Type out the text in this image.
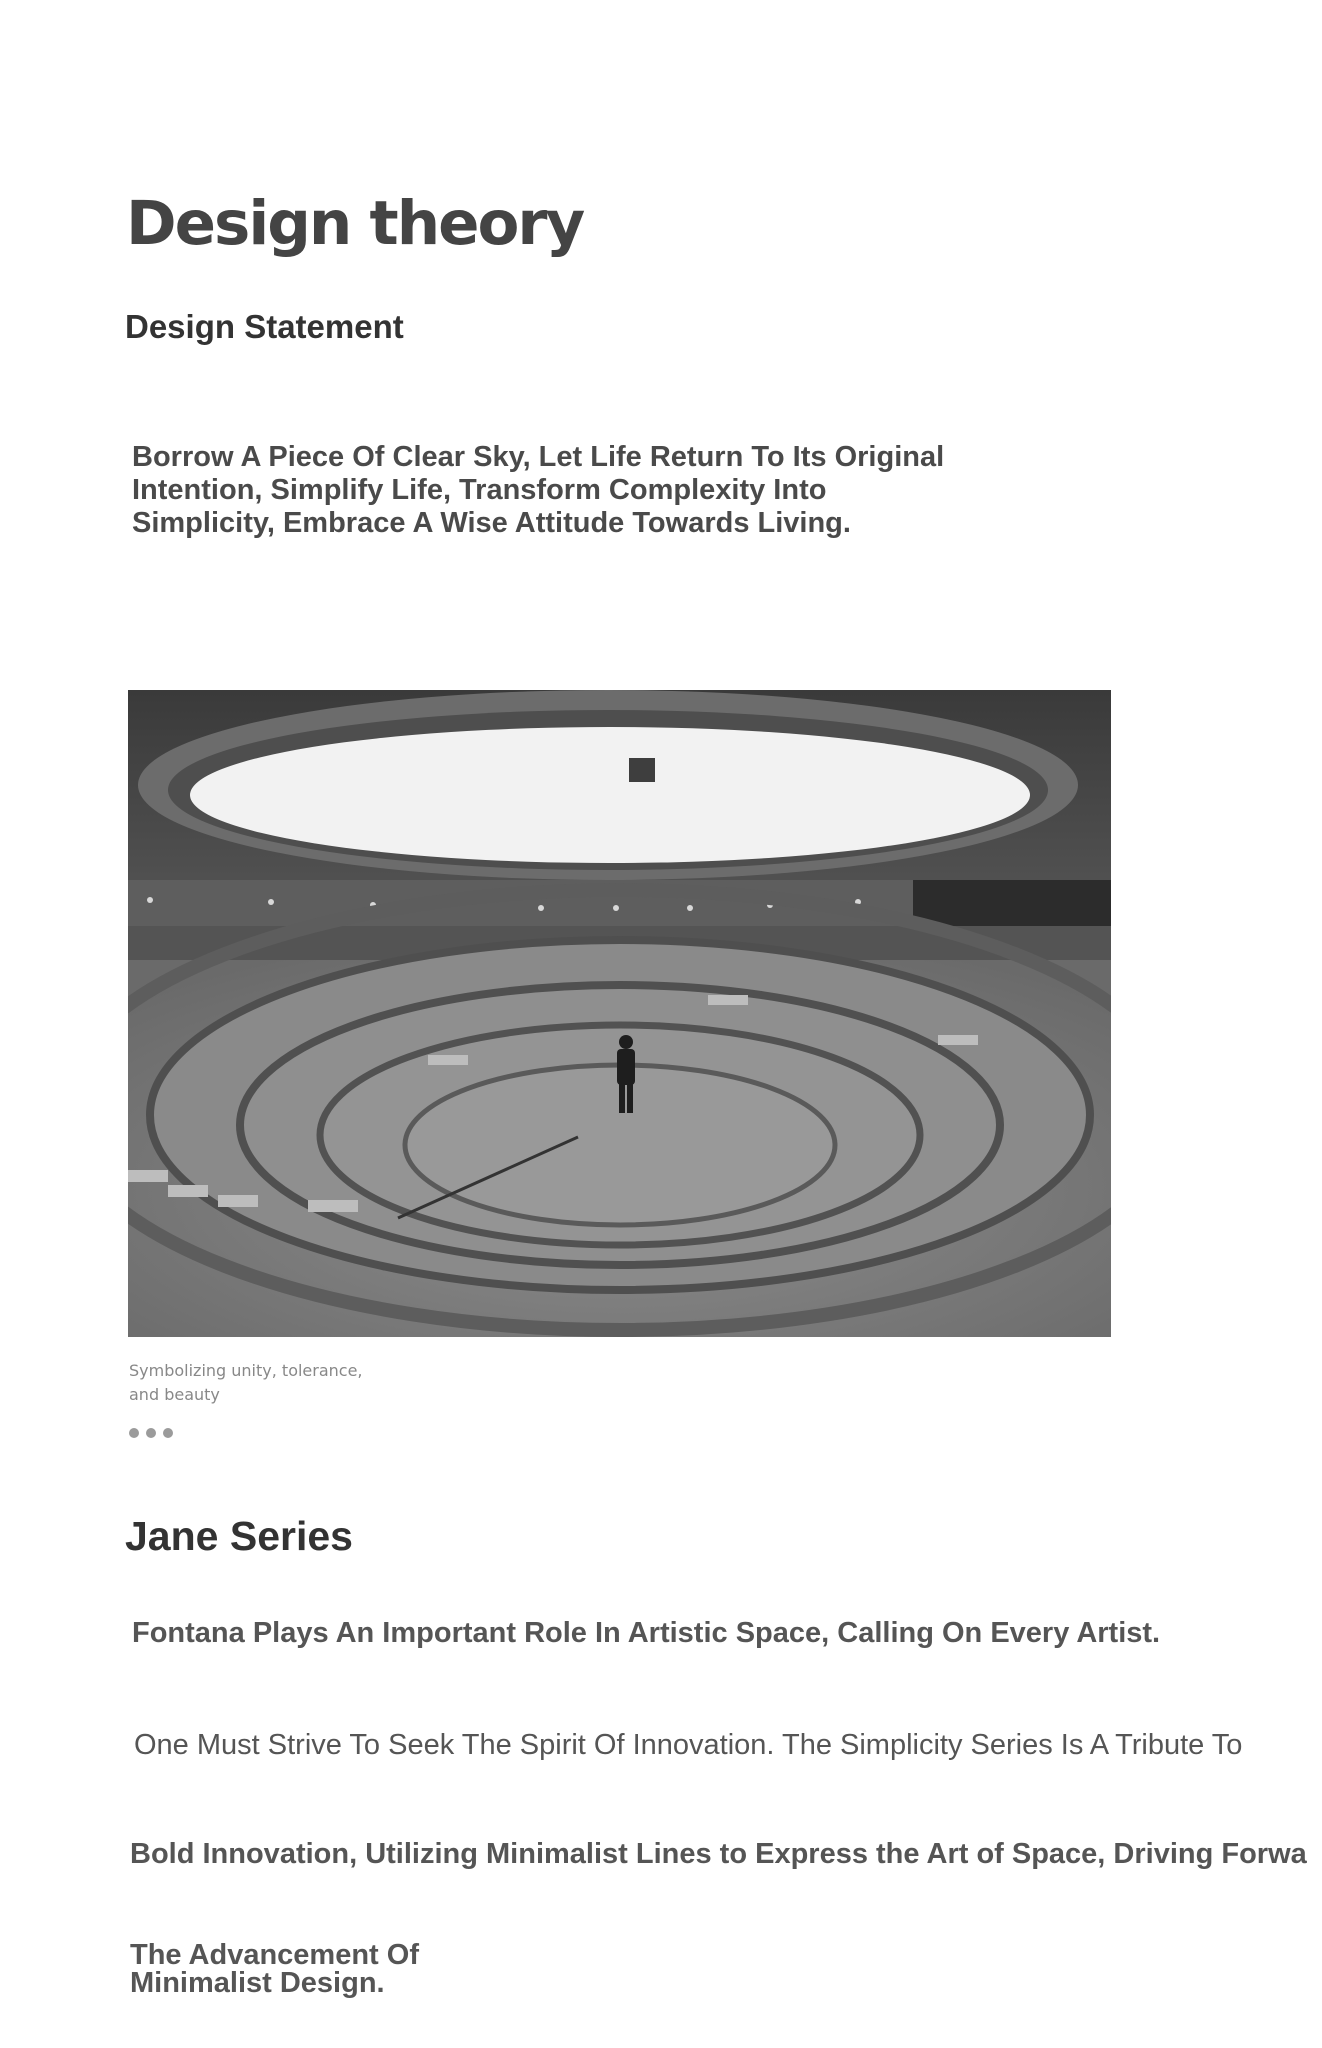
Design theory
Design Statement

Borrow A Piece Of Clear Sky, Let Life Return To Its Original Intention, Simplify Life, Transform Complexity Into Simplicity, Embrace A Wise Attitude Towards Living.

Symbolizing unity, tolerance,
and beauty
Jane Series

Fontana Plays An Important Role In Artistic Space, Calling On Every Artist.

One Must Strive To Seek The Spirit Of Innovation. The Simplicity Series Is A Tribute To

Bold Innovation, Utilizing Minimalist Lines to Express the Art of Space, Driving Forwa

The Advancement Of
Minimalist Design.
